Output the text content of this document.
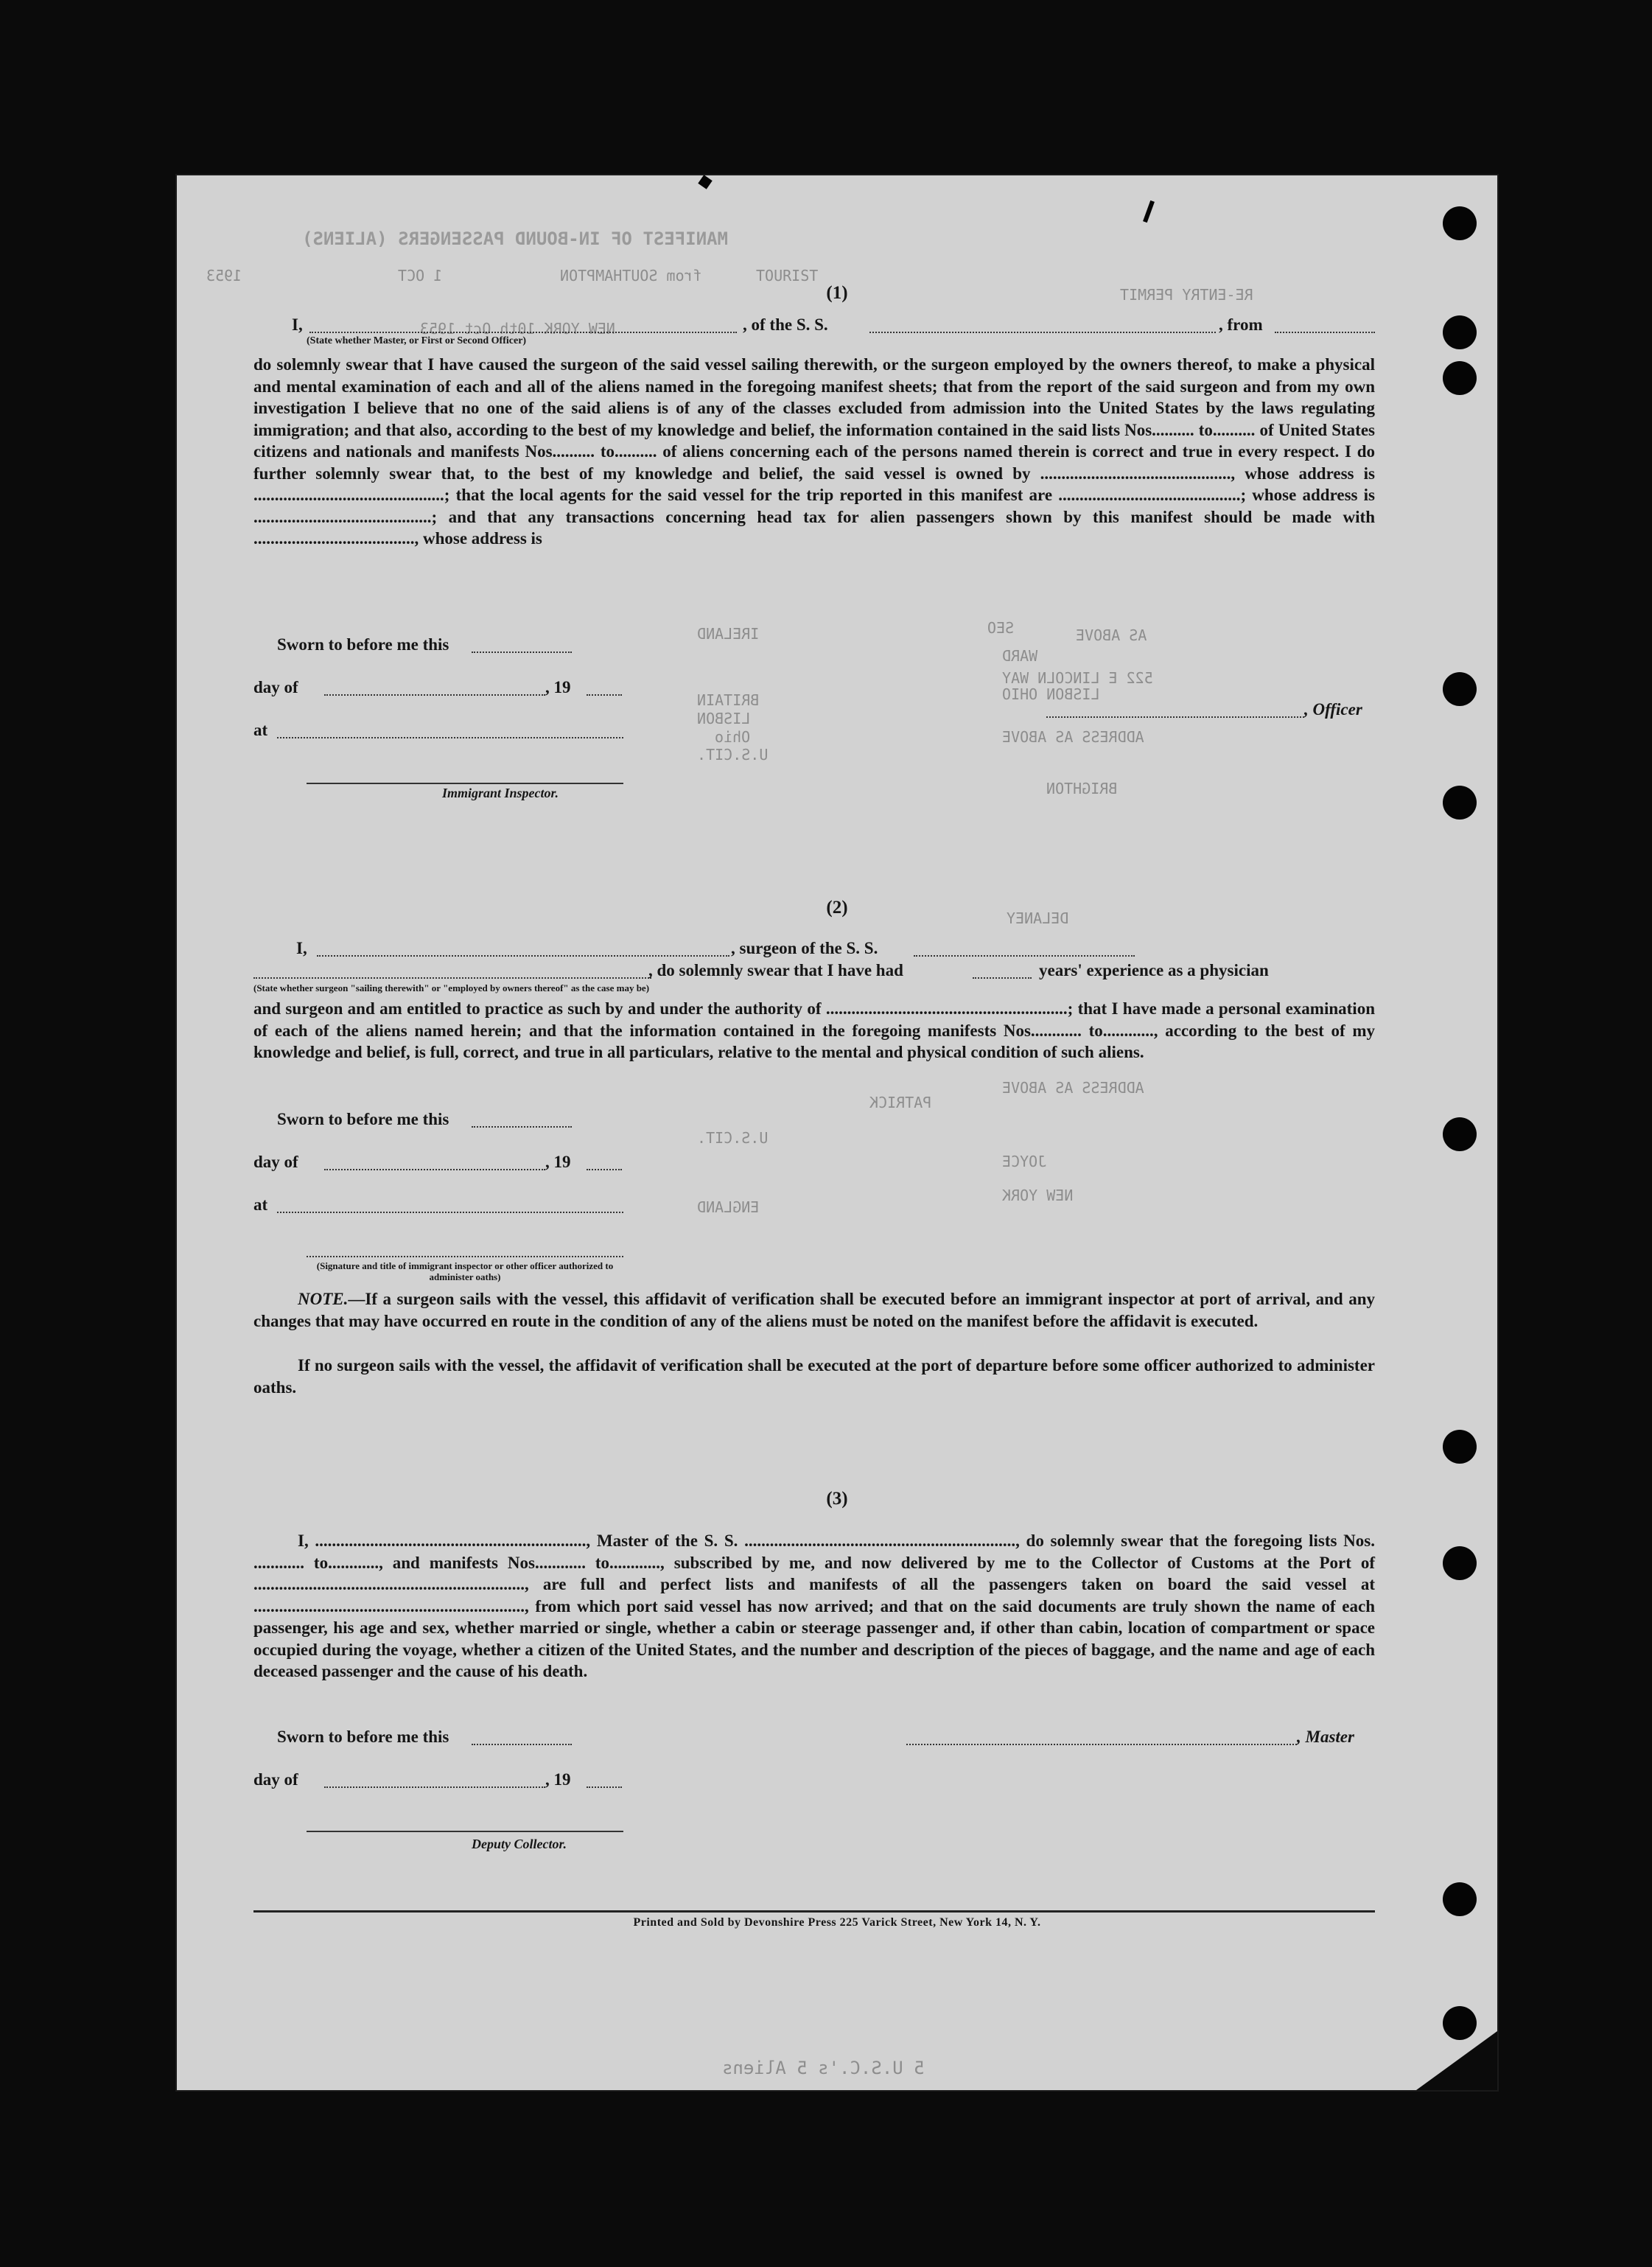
MANIFEST OF IN-BOUND PASSENGERS (ALIENS)
TOURIST
from SOUTHAMPTON
1 OCT
1953
RE-ENTRY PERMIT
NEW YORK 10th Oct 1953
SEO
WARD
ADDRESS AS ABOVE
LISBON OHIO
522 E LINCOLN WAY
AS ABOVE
ADDRESS AS ABOVE
U.S.CIT.
BRITAIN
Ohio
LISBON
ENGLAND
IRELAND
DELANEY
PATRICK
JOYCE
BRIGHTON
NEW YORK
U.S.CIT.
5 U.S.C.'s 5 Aliens
(1)
I,	, of the S. S.	, from
(State whether Master, or First or Second Officer)
do solemnly swear that I have caused the surgeon of the said vessel sailing therewith, or the surgeon employed by the owners thereof, to make a physical and mental examination of each and all of the aliens named in the foregoing manifest sheets; that from the report of the said surgeon and from my own investigation I believe that no one of the said aliens is of any of the classes excluded from admission into the United States by the laws regulating immigration; and that also, according to the best of my knowledge and belief, the information contained in the said lists Nos.......... to.......... of United States citizens and nationals and manifests Nos.......... to.......... of aliens concerning each of the persons named therein is correct and true in every respect. I do further solemnly swear that, to the best of my knowledge and belief, the said vessel is owned by ............................................., whose address is .............................................; that the local agents for the said vessel for the trip reported in this manifest are ...........................................; whose address is ..........................................; and that any transactions concerning head tax for alien passengers shown by this manifest should be made with ......................................, whose address is
Sworn to before me this
day of	, 19
at
, Officer
Immigrant Inspector.
(2)
I,	, surgeon of the S. S.
, do solemnly swear that I have had	years' experience as a physician
(State whether surgeon "sailing therewith" or "employed by owners thereof" as the case may be)
and surgeon and am entitled to practice as such by and under the authority of .........................................................; that I have made a personal examination of each of the aliens named herein; and that the information contained in the foregoing manifests Nos............ to............, according to the best of my knowledge and belief, is full, correct, and true in all particulars, relative to the mental and physical condition of such aliens.
Sworn to before me this
day of	, 19
at
(Signature and title of immigrant inspector or other officer authorized to administer oaths)
NOTE.—If a surgeon sails with the vessel, this affidavit of verification shall be executed before an immigrant inspector at port of arrival, and any changes that may have occurred en route in the condition of any of the aliens must be noted on the manifest before the affidavit is executed.
If no surgeon sails with the vessel, the affidavit of verification shall be executed at the port of departure before some officer authorized to administer oaths.
(3)
I, ................................................................, Master of the S. S. ................................................................, do solemnly swear that the foregoing lists Nos. ............ to............, and manifests Nos............ to............, subscribed by me, and now delivered by me to the Collector of Customs at the Port of ................................................................, are full and perfect lists and manifests of all the passengers taken on board the said vessel at ................................................................, from which port said vessel has now arrived; and that on the said documents are truly shown the name of each passenger, his age and sex, whether married or single, whether a cabin or steerage passenger and, if other than cabin, location of compartment or space occupied during the voyage, whether a citizen of the United States, and the number and description of the pieces of baggage, and the name and age of each deceased passenger and the cause of his death.
Sworn to before me this	, Master
day of	, 19
Deputy Collector.
Printed and Sold by Devonshire Press 225 Varick Street, New York 14, N. Y.
